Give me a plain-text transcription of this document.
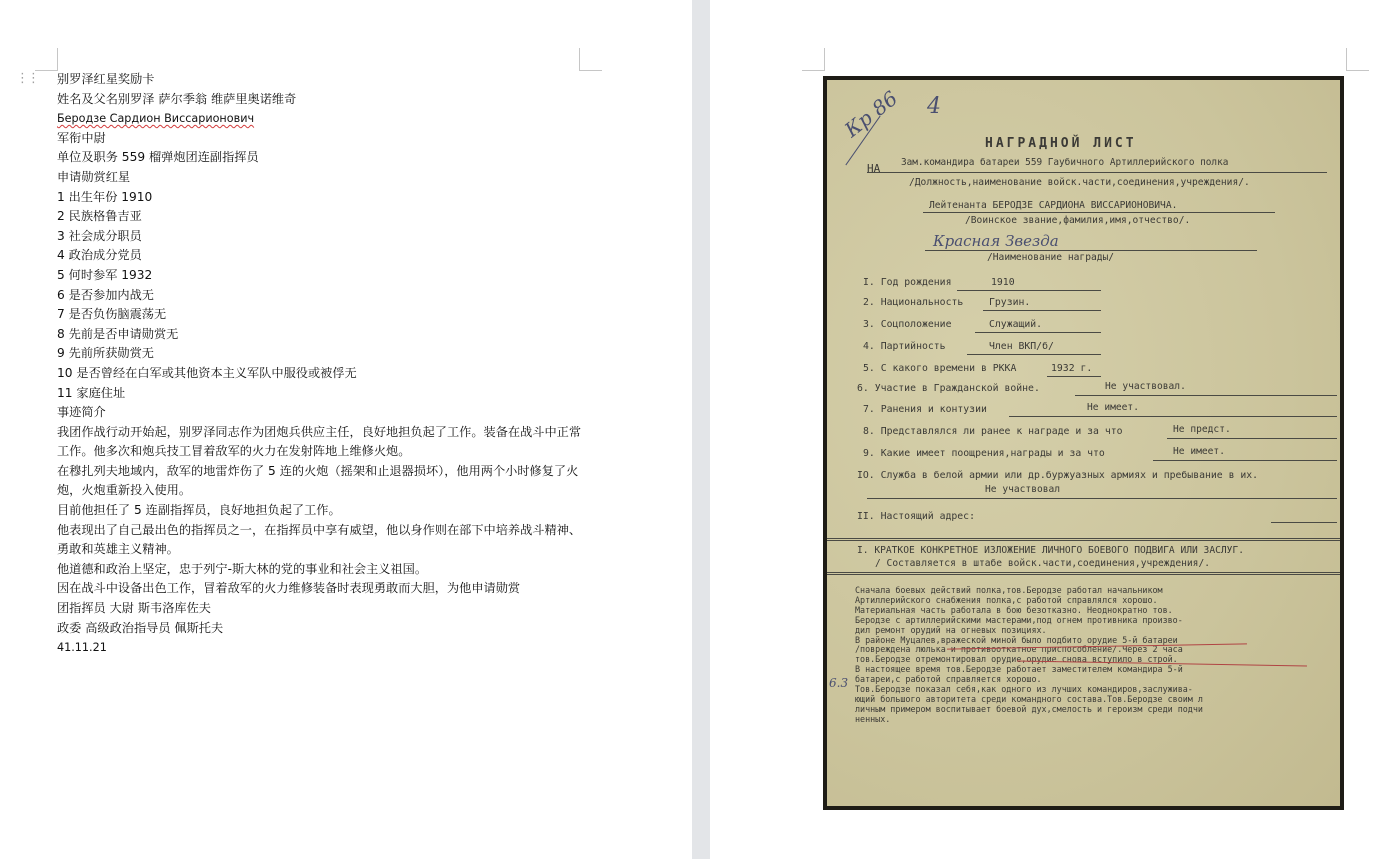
⋮⋮ 别罗泽红星奖励卡

姓名及父名别罗泽 萨尔季翁 维萨里奥诺维奇

Беродзе Сардион Виссарионович

军衔中尉

单位及职务 559 榴弹炮团连副指挥员

申请勋赏红星

1 出生年份 1910

2 民族格鲁吉亚

3 社会成分职员

4 政治成分党员

5 何时参军 1932

6 是否参加内战无

7 是否负伤脑震荡无

8 先前是否申请勋赏无

9 先前所获勋赏无

10 是否曾经在白军或其他资本主义军队中服役或被俘无

11 家庭住址

事迹简介

我团作战行动开始起，别罗泽同志作为团炮兵供应主任，良好地担负起了工作。装备在战斗中正常工作。他多次和炮兵技工冒着敌军的火力在发射阵地上维修火炮。

在穆扎列夫地域内，敌军的地雷炸伤了 5 连的火炮（摇架和止退器损坏），他用两个小时修复了火炮，火炮重新投入使用。

目前他担任了 5 连副指挥员，良好地担负起了工作。

他表现出了自己最出色的指挥员之一，在指挥员中享有威望，他以身作则在部下中培养战斗精神、勇敢和英雄主义精神。

他道德和政治上坚定，忠于列宁-斯大林的党的事业和社会主义祖国。

因在战斗中设备出色工作，冒着敌军的火力维修装备时表现勇敢而大胆，为他申请勋赏

团指挥员 大尉 斯韦洛库佐夫

政委 高级政治指导员 佩斯托夫

41.11.21

Кр 86 4
НАГРАДНОЙ ЛИСТ
НА Зам.командира батареи 559 Гаубичного Артиллерийского полка
/Должность,наименование войск.части,соединения,учреждения/.
Лейтенанта БЕРОДЗЕ САРДИОНА ВИССАРИОНОВИЧА.
/Воинское звание,фамилия,имя,отчество/.
Красная Звезда
/Наименование награды/
I. Год рождения	1910
2. Национальность	Грузин.
3. Соцположение	Служащий.
4. Партийность	Член ВКП/б/
5. С какого времени в РККА	1932 г.
6. Участие в Гражданской войне.	Не участвовал.
7. Ранения и контузии	Не имеет.
8. Представлялся ли ранее к награде и за что	Не предст.
9. Какие имеет поощрения,награды и за что	Не имеет.
IO. Служба в белой армии или др.буржуазных армиях и пребывание в их.
Не участвовал
II. Настоящий адрес:
I. КРАТКОЕ КОНКРЕТНОЕ ИЗЛОЖЕНИЕ ЛИЧНОГО БОЕВОГО ПОДВИГА ИЛИ ЗАСЛУГ.
/ Составляется в штабе войск.части,соединения,учреждения/.
6.3
Сначала боевых действий полка,тов.Беродзе работал начальником
Артиллерийского снабжения полка,с работой справлялся хорошо.
Материальная часть работала в бою безотказно. Неоднократно тов.
Беродзе с артиллерийскими мастерами,под огнем противника произво-
дил ремонт орудий на огневых позициях.
В районе Муцалев,вражеской миной было подбито орудие 5-й батареи
/повреждена люлька и противооткатное приспособление/.Через 2 часа
тов.Беродзе отремонтировал орудие,орудие снова вступило в строй.
В настоящее время тов.Беродзе работает заместителем командира 5-й
батареи,с работой справляется хорошо.
Тов.Беродзе показал себя,как одного из лучших командиров,заслужива-
ющий большого авторитета среди командного состава.Тов.Беродзе своим л
личным примером воспитывает боевой дух,смелость и героизм среди подчи
ненных.
